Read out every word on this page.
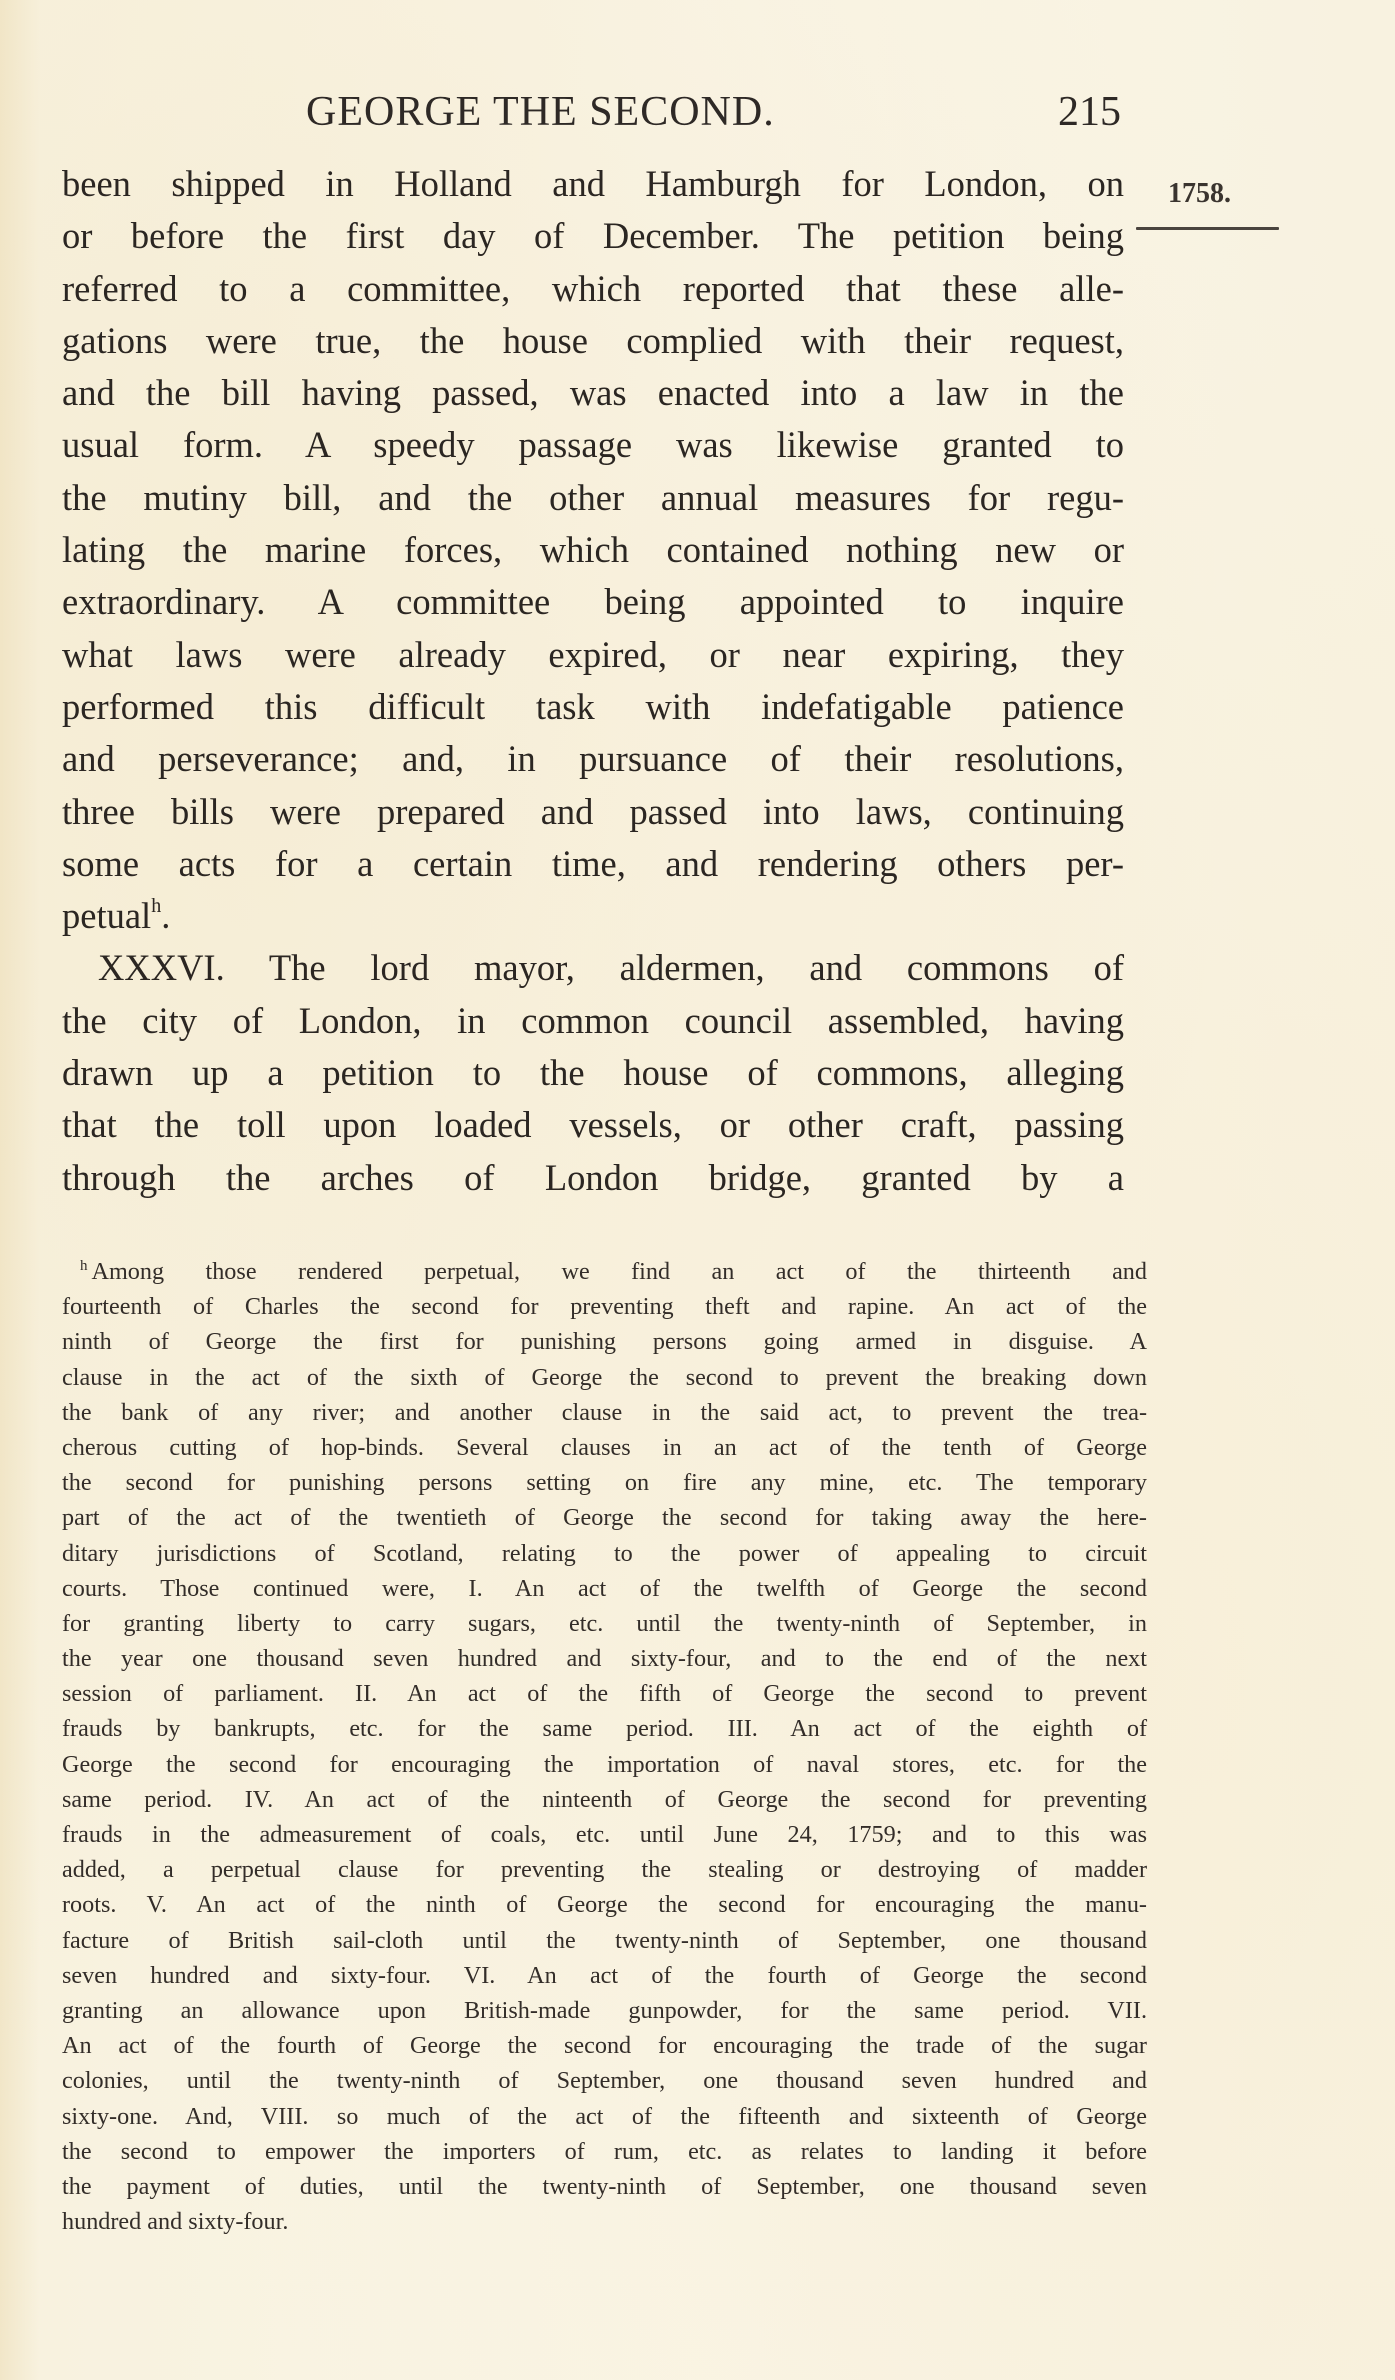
GEORGE THE SECOND.	215
1758.
been shipped in Holland and Hamburgh for London, on
or before the first day of December. The petition being
referred to a committee, which reported that these alle-
gations were true, the house complied with their request,
and the bill having passed, was enacted into a law in the
usual form. A speedy passage was likewise granted to
the mutiny bill, and the other annual measures for regu-
lating the marine forces, which contained nothing new or
extraordinary. A committee being appointed to inquire
what laws were already expired, or near expiring, they
performed this difficult task with indefatigable patience
and perseverance; and, in pursuance of their resolutions,
three bills were prepared and passed into laws, continuing
some acts for a certain time, and rendering others per-
petual$^h$.
XXXVI. The lord mayor, aldermen, and commons of
the city of London, in common council assembled, having
drawn up a petition to the house of commons, alleging
that the toll upon loaded vessels, or other craft, passing
through the arches of London bridge, granted by a
$^h$ Among those rendered perpetual, we find an act of the thirteenth and
fourteenth of Charles the second for preventing theft and rapine. An act of the
ninth of George the first for punishing persons going armed in disguise. A
clause in the act of the sixth of George the second to prevent the breaking down
the bank of any river; and another clause in the said act, to prevent the trea-
cherous cutting of hop-binds. Several clauses in an act of the tenth of George
the second for punishing persons setting on fire any mine, etc. The temporary
part of the act of the twentieth of George the second for taking away the here-
ditary jurisdictions of Scotland, relating to the power of appealing to circuit
courts. Those continued were, I. An act of the twelfth of George the second
for granting liberty to carry sugars, etc. until the twenty-ninth of September, in
the year one thousand seven hundred and sixty-four, and to the end of the next
session of parliament. II. An act of the fifth of George the second to prevent
frauds by bankrupts, etc. for the same period. III. An act of the eighth of
George the second for encouraging the importation of naval stores, etc. for the
same period. IV. An act of the ninteenth of George the second for preventing
frauds in the admeasurement of coals, etc. until June 24, 1759; and to this was
added, a perpetual clause for preventing the stealing or destroying of madder
roots. V. An act of the ninth of George the second for encouraging the manu-
facture of British sail-cloth until the twenty-ninth of September, one thousand
seven hundred and sixty-four. VI. An act of the fourth of George the second
granting an allowance upon British-made gunpowder, for the same period. VII.
An act of the fourth of George the second for encouraging the trade of the sugar
colonies, until the twenty-ninth of September, one thousand seven hundred and
sixty-one. And, VIII. so much of the act of the fifteenth and sixteenth of George
the second to empower the importers of rum, etc. as relates to landing it before
the payment of duties, until the twenty-ninth of September, one thousand seven
hundred and sixty-four.
